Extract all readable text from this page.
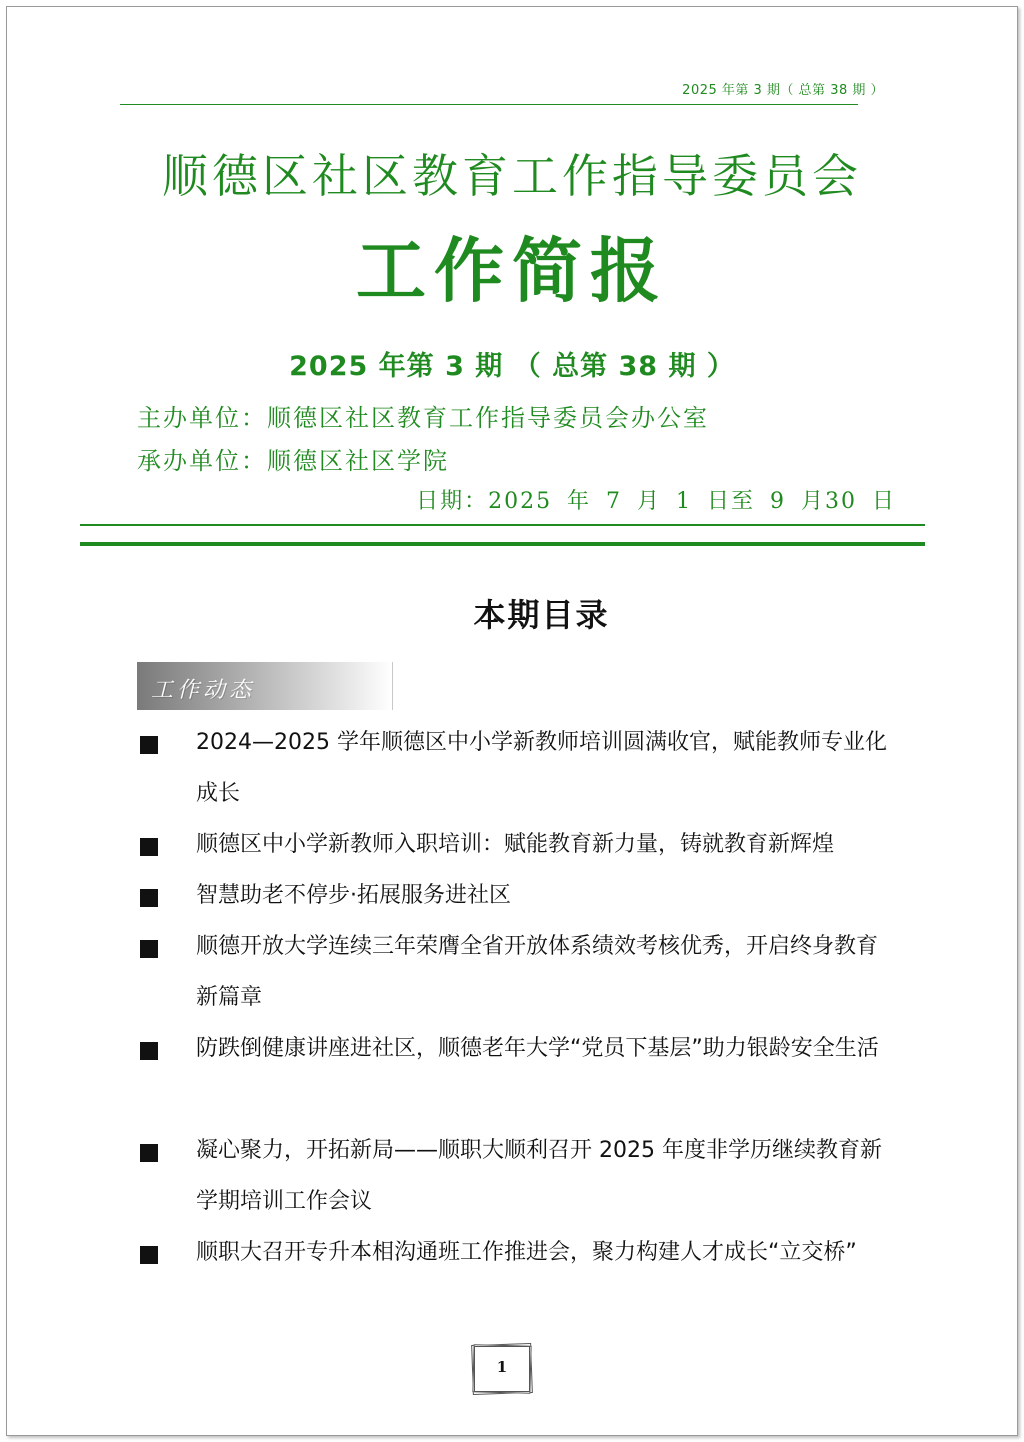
2025 年第 3 期（ 总第 38 期 ）
顺德区社区教育工作指导委员会
工作简报
2025 年第 3 期 （ 总第 38 期 ）
主办单位：顺德区社区教育工作指导委员会办公室
承办单位：顺德区社区学院
日期：2025 年 7 月 1 日至 9 月30 日
本期目录
工作动态
2024—2025 学年顺德区中小学新教师培训圆满收官，赋能教师专业化成长
顺德区中小学新教师入职培训：赋能教育新力量，铸就教育新辉煌
智慧助老不停步·拓展服务进社区
顺德开放大学连续三年荣膺全省开放体系绩效考核优秀，开启终身教育新篇章
防跌倒健康讲座进社区，顺德老年大学“党员下基层”助力银龄安全生活
凝心聚力，开拓新局——顺职大顺利召开 2025 年度非学历继续教育新学期培训工作会议
顺职大召开专升本相沟通班工作推进会，聚力构建人才成长“立交桥”
1
